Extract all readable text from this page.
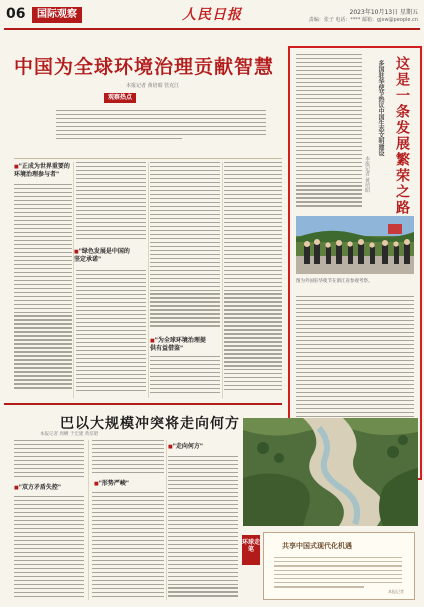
06	国际观察	人民日报	2023年10月13日 星期五
责编：张子 电话：**** 邮箱：gjxw@people.cn
中国为全球环境治理贡献智慧
本报记者 黄培昭 管克江
观察热点
■ "正成为世界重要的环境治理参与者"
■ "绿色发展是中国的坚定承诺"
■ "为全球环境治理提供有益借鉴"
这是一条发展繁荣之路
多国驻华使节热议中国生态文明建设
本报记者 黄培昭
图为外国驻华使节在浙江省参观考察。
巴以大规模冲突将走向何方
本报记者 周輖 于宏建 黄培昭
■ "双方矛盾失控"
■ "形势严峻"
■ "走向何方"
环球走笔	共享中国式现代化机遇
本报记者
